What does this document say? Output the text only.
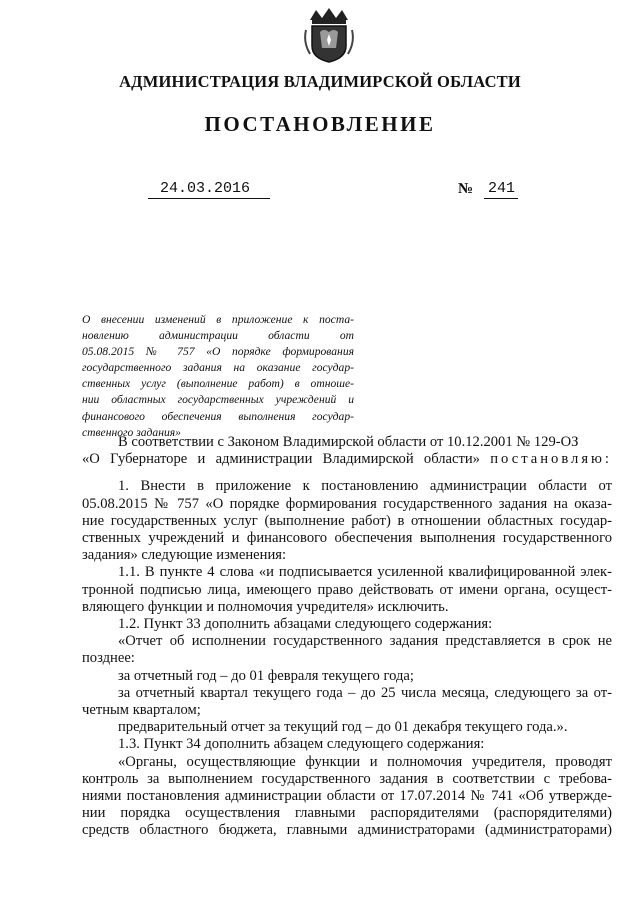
АДМИНИСТРАЦИЯ ВЛАДИМИРСКОЙ ОБЛАСТИ
ПОСТАНОВЛЕНИЕ
24.03.2016	№ 241
О внесении изменений в приложение к поста-
новлению администрации области от
05.08.2015 № 757 «О порядке формирования
государственного задания на оказание государ-
ственных услуг (выполнение работ) в отноше-
нии областных государственных учреждений и
финансового обеспечения выполнения государ-
ственного задания»
В соответствии с Законом Владимирской области от 10.12.2001 № 129-ОЗ
«О Губернаторе и администрации Владимирской области» постановляю:
1. Внести в приложение к постановлению администрации области от
05.08.2015 № 757 «О порядке формирования государственного задания на оказа-
ние государственных услуг (выполнение работ) в отношении областных государ-
ственных учреждений и финансового обеспечения выполнения государственного
задания» следующие изменения:
1.1. В пункте 4 слова «и подписывается усиленной квалифицированной элек-
тронной подписью лица, имеющего право действовать от имени органа, осущест-
вляющего функции и полномочия учредителя» исключить.
1.2. Пункт 33 дополнить абзацами следующего содержания:
«Отчет об исполнении государственного задания представляется в срок не
позднее:
за отчетный год – до 01 февраля текущего года;
за отчетный квартал текущего года – до 25 числа месяца, следующего за от-
четным кварталом;
предварительный отчет за текущий год – до 01 декабря текущего года.».
1.3. Пункт 34 дополнить абзацем следующего содержания:
«Органы, осуществляющие функции и полномочия учредителя, проводят
контроль за выполнением государственного задания в соответствии с требова-
ниями постановления администрации области от 17.07.2014 № 741 «Об утвержде-
нии порядка осуществления главными распорядителями (распорядителями)
средств областного бюджета, главными администраторами (администраторами)
